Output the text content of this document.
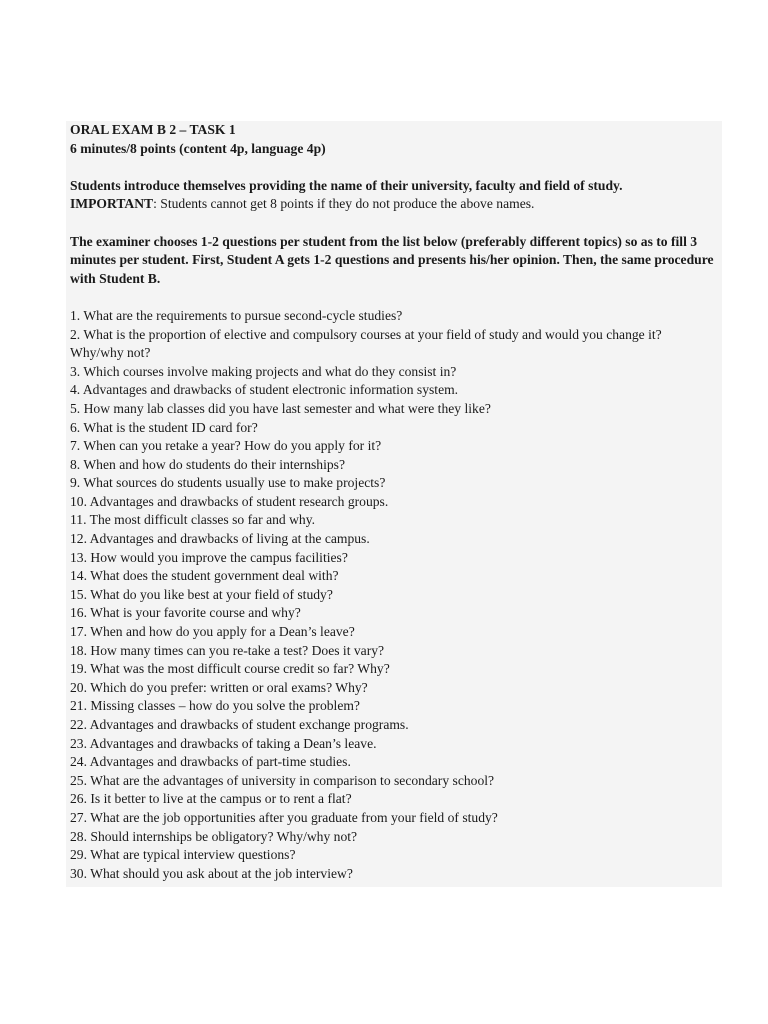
ORAL EXAM B 2 – TASK 1
6 minutes/8 points (content 4p, language 4p)
Students introduce themselves providing the name of their university, faculty and field of study.
IMPORTANT: Students cannot get 8 points if they do not produce the above names.
The examiner chooses 1-2 questions per student from the list below (preferably different topics) so as to fill 3 minutes per student. First, Student A gets 1-2 questions and presents his/her opinion. Then, the same procedure with Student B.
1. What are the requirements to pursue second-cycle studies?
2. What is the proportion of elective and compulsory courses at your field of study and would you change it? Why/why not?
3. Which courses involve making projects and what do they consist in?
4. Advantages and drawbacks of student electronic information system.
5. How many lab classes did you have last semester and what were they like?
6. What is the student ID card for?
7. When can you retake a year? How do you apply for it?
8. When and how do students do their internships?
9. What sources do students usually use to make projects?
10. Advantages and drawbacks of student research groups.
11. The most difficult classes so far and why.
12. Advantages and drawbacks of living at the campus.
13. How would you improve the campus facilities?
14. What does the student government deal with?
15. What do you like best at your field of study?
16. What is your favorite course and why?
17. When and how do you apply for a Dean’s leave?
18. How many times can you re-take a test? Does it vary?
19. What was the most difficult course credit so far? Why?
20. Which do you prefer: written or oral exams? Why?
21. Missing classes – how do you solve the problem?
22. Advantages and drawbacks of student exchange programs.
23. Advantages and drawbacks of taking a Dean’s leave.
24. Advantages and drawbacks of part-time studies.
25. What are the advantages of university in comparison to secondary school?
26. Is it better to live at the campus or to rent a flat?
27. What are the job opportunities after you graduate from your field of study?
28. Should internships be obligatory? Why/why not?
29. What are typical interview questions?
30. What should you ask about at the job interview?
